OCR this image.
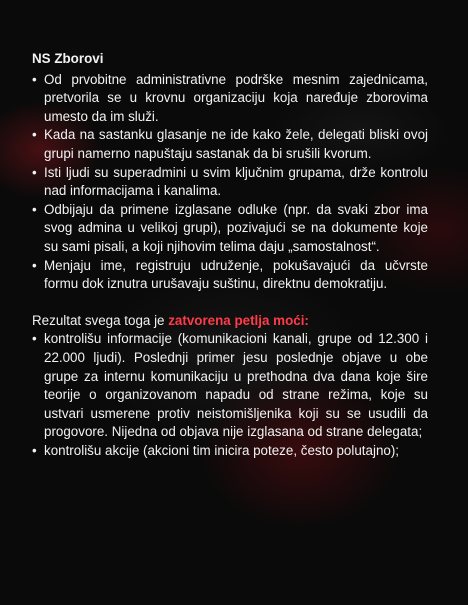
NS Zborovi
• Od prvobitne administrativne podrške mesnim zajednicama, pretvorila se u krovnu organizaciju koja naređuje zborovima umesto da im služi.
• Kada na sastanku glasanje ne ide kako žele, delegati bliski ovoj grupi namerno napuštaju sastanak da bi srušili kvorum.
• Isti ljudi su superadmini u svim ključnim grupama, drže kontrolu nad informacijama i kanalima.
• Odbijaju da primene izglasane odluke (npr. da svaki zbor ima svog admina u velikoj grupi), pozivajući se na dokumente koje su sami pisali, a koji njihovim telima daju „samostalnost“.
• Menjaju ime, registruju udruženje, pokušavajući da učvrste formu dok iznutra urušavaju suštinu, direktnu demokratiju.
Rezultat svega toga je zatvorena petlja moći:
• kontrolišu informacije (komunikacioni kanali, grupe od 12.300 i 22.000 ljudi). Poslednji primer jesu poslednje objave u obe grupe za internu komunikaciju u prethodna dva dana koje šire teorije o organizovanom napadu od strane režima, koje su ustvari usmerene protiv neistomišljenika koji su se usudili da progovore. Nijedna od objava nije izglasana od strane delegata;
• kontrolišu akcije (akcioni tim inicira poteze, često polutajno);
